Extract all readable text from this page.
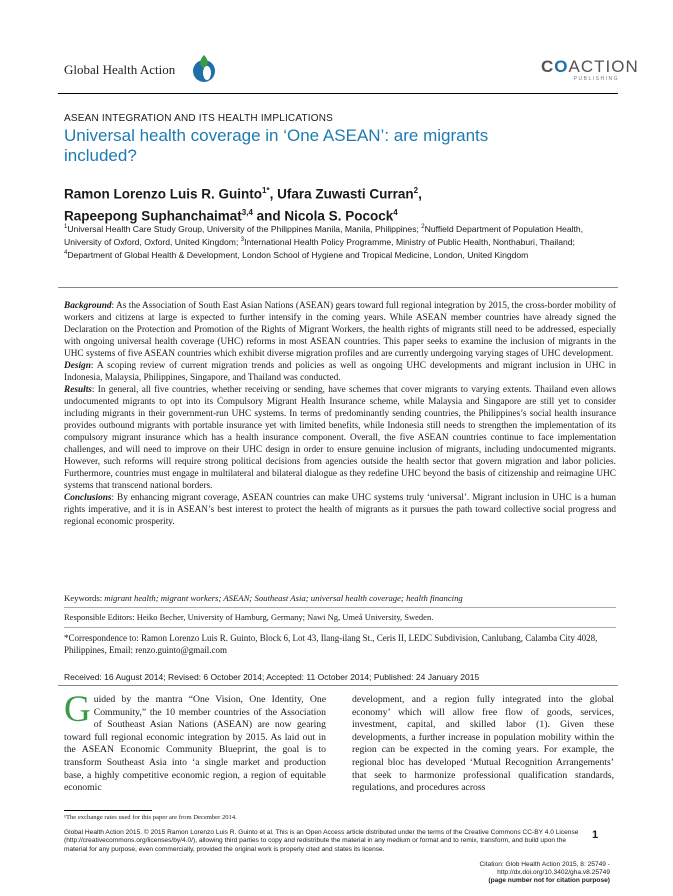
Global Health Action	COACTION
PUBLISHING
ASEAN INTEGRATION AND ITS HEALTH IMPLICATIONS
Universal health coverage in ‘One ASEAN’: are migrants included?
Ramon Lorenzo Luis R. Guinto$^{1*}$, Ufara Zuwasti Curran$^2$,
Rapeepong Suphanchaimat$^{3,4}$ and Nicola S. Pocock$^4$
$^1$Universal Health Care Study Group, University of the Philippines Manila, Manila, Philippines; $^2$Nuffield Department of Population Health, University of Oxford, Oxford, United Kingdom; $^3$International Health Policy Programme, Ministry of Public Health, Nonthaburi, Thailand; $^4$Department of Global Health & Development, London School of Hygiene and Tropical Medicine, London, United Kingdom

Background: As the Association of South East Asian Nations (ASEAN) gears toward full regional integration by 2015, the cross-border mobility of workers and citizens at large is expected to further intensify in the coming years. While ASEAN member countries have already signed the Declaration on the Protection and Promotion of the Rights of Migrant Workers, the health rights of migrants still need to be addressed, especially with ongoing universal health coverage (UHC) reforms in most ASEAN countries. This paper seeks to examine the inclusion of migrants in the UHC systems of five ASEAN countries which exhibit diverse migration profiles and are currently undergoing varying stages of UHC development.

Design: A scoping review of current migration trends and policies as well as ongoing UHC developments and migrant inclusion in UHC in Indonesia, Malaysia, Philippines, Singapore, and Thailand was conducted.

Results: In general, all five countries, whether receiving or sending, have schemes that cover migrants to varying extents. Thailand even allows undocumented migrants to opt into its Compulsory Migrant Health Insurance scheme, while Malaysia and Singapore are still yet to consider including migrants in their government-run UHC systems. In terms of predominantly sending countries, the Philippines’s social health insurance provides outbound migrants with portable insurance yet with limited benefits, while Indonesia still needs to strengthen the implementation of its compulsory migrant insurance which has a health insurance component. Overall, the five ASEAN countries continue to face implementation challenges, and will need to improve on their UHC design in order to ensure genuine inclusion of migrants, including undocumented migrants. However, such reforms will require strong political decisions from agencies outside the health sector that govern migration and labor policies. Furthermore, countries must engage in multilateral and bilateral dialogue as they redefine UHC beyond the basis of citizenship and reimagine UHC systems that transcend national borders.

Conclusions: By enhancing migrant coverage, ASEAN countries can make UHC systems truly ‘universal’. Migrant inclusion in UHC is a human rights imperative, and it is in ASEAN’s best interest to protect the health of migrants as it pursues the path toward collective social progress and regional economic prosperity.

Keywords: migrant health; migrant workers; ASEAN; Southeast Asia; universal health coverage; health financing
Responsible Editors: Heiko Becher, University of Hamburg, Germany; Nawi Ng, Umeå University, Sweden.
*Correspondence to: Ramon Lorenzo Luis R. Guinto, Block 6, Lot 43, Ilang-ilang St., Ceris II, LEDC Subdivision, Canlubang, Calamba City 4028, Philippines, Email: renzo.guinto@gmail.com
Received: 16 August 2014; Revised: 6 October 2014; Accepted: 11 October 2014; Published: 24 January 2015

Guided by the mantra “One Vision, One Identity, One Community,” the 10 member countries of the Association of Southeast Asian Nations (ASEAN) are now gearing toward full regional economic integration by 2015. As laid out in the ASEAN Economic Community Blueprint, the goal is to transform Southeast Asia into ‘a single market and production base, a highly competitive economic region, a region of equitable economic

development, and a region fully integrated into the global economy’ which will allow free flow of goods, services, investment, capital, and skilled labor (1). Given these developments, a further increase in population mobility within the region can be expected in the coming years. For example, the regional bloc has developed ‘Mutual Recognition Arrangements’ that seek to harmonize professional qualification standards, regulations, and procedures across

¹The exchange rates used for this paper are from December 2014.
Global Health Action 2015. © 2015 Ramon Lorenzo Luis R. Guinto et al. This is an Open Access article distributed under the terms of the Creative Commons CC-BY 4.0 License (http://creativecommons.org/licenses/by/4.0/), allowing third parties to copy and redistribute the material in any medium or format and to remix, transform, and build upon the material for any purpose, even commercially, provided the original work is properly cited and states its license.
1
Citation: Glob Health Action 2015, 8: 25749 - http://dx.doi.org/10.3402/gha.v8.25749
(page number not for citation purpose)
